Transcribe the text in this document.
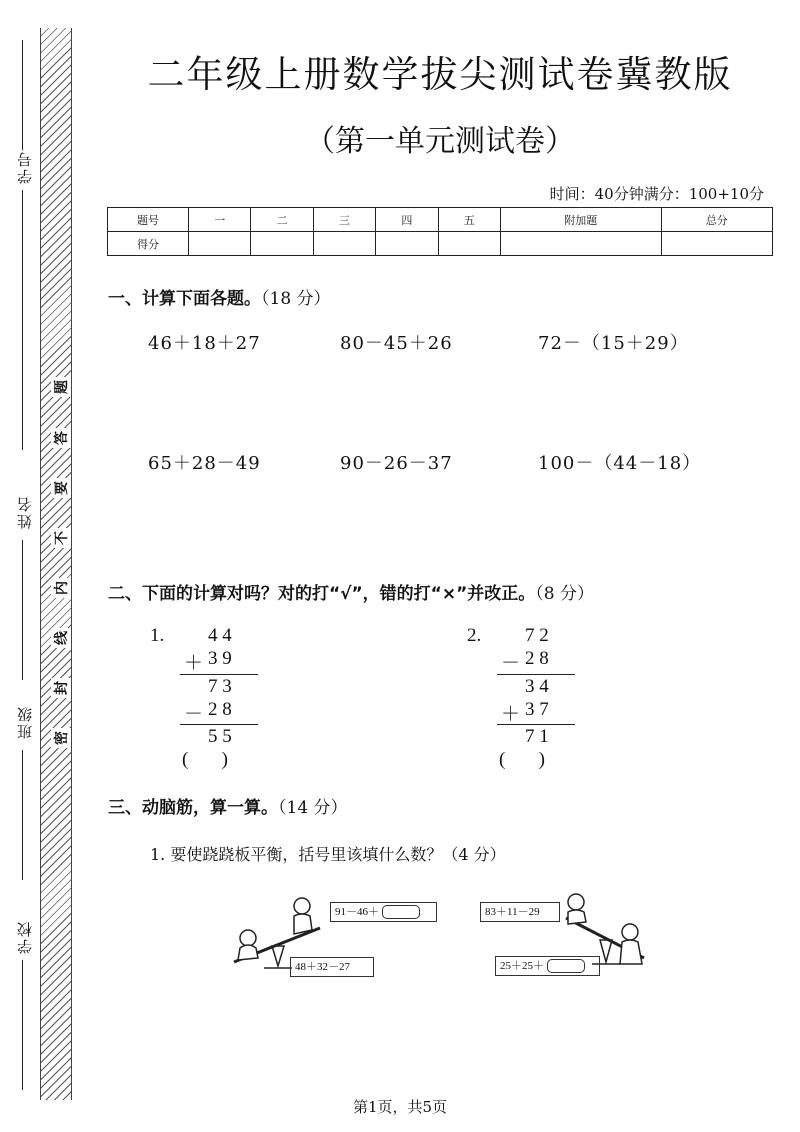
学号
姓名
班级
学校
题
答
要
不
内
线
封
密
二年级上册数学拔尖测试卷冀教版
（第一单元测试卷）
时间：40分钟满分：100+10分
题号	一	二	三	四	五	附加题	总分
得分							
一、计算下面各题。（18 分）
46＋18＋27	80－45＋26	72－（15＋29）
65＋28－49	90－26－37	100－（44－18）
二、下面的计算对吗？对的打“√”，错的打“×”并改正。（8 分）
1. 4 4
＋ 3 9
7 3
－ 2 8
5 5
(       )
2. 7 2
－ 2 8
3 4
＋ 3 7
7 1
(       )
三、动脑筋，算一算。（14 分）
1. 要使跷跷板平衡，括号里该填什么数？（4 分）
91－46＋
48＋32－27
83＋11－29
25＋25＋
第1页，共5页
